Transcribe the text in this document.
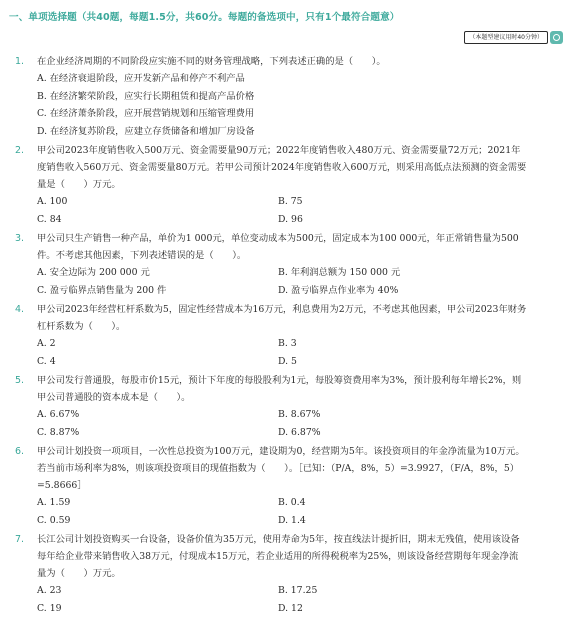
一、单项选择题（共40题，每题1.5分，共60分。每题的备选项中，只有1个最符合题意）
（本题型建议用时40分钟）
1. 在企业经济周期的不同阶段应实施不同的财务管理战略，下列表述正确的是（　　）。
A. 在经济衰退阶段，应开发新产品和停产不利产品
B. 在经济繁荣阶段，应实行长期租赁和提高产品价格
C. 在经济萧条阶段，应开展营销规划和压缩管理费用
D. 在经济复苏阶段，应建立存货储备和增加厂房设备
2. 甲公司2023年度销售收入500万元、资金需要量90万元；2022年度销售收入480万元、资金需要量72万元；2021年度销售收入560万元、资金需要量80万元。若甲公司预计2024年度销售收入600万元，则采用高低点法预测的资金需要量是（　　）万元。
A. 100	B. 75
C. 84	D. 96
3. 甲公司只生产销售一种产品，单价为1 000元，单位变动成本为500元，固定成本为100 000元，年正常销售量为500件。不考虑其他因素，下列表述错误的是（　　）。
A. 安全边际为 200 000 元	B. 年利润总额为 150 000 元
C. 盈亏临界点销售量为 200 件	D. 盈亏临界点作业率为 40%
4. 甲公司2023年经营杠杆系数为5，固定性经营成本为16万元，利息费用为2万元，不考虑其他因素，甲公司2023年财务杠杆系数为（　　）。
A. 2	B. 3
C. 4	D. 5
5. 甲公司发行普通股，每股市价15元，预计下年度的每股股利为1元，每股筹资费用率为3%，预计股利每年增长2%，则甲公司普通股的资本成本是（　　）。
A. 6.67%	B. 8.67%
C. 8.87%	D. 6.87%
6. 甲公司计划投资一项项目，一次性总投资为100万元，建设期为0，经营期为5年。该投资项目的年金净流量为10万元。若当前市场利率为8%，则该项投资项目的现值指数为（　　）。［已知：（P/A，8%，5）=3.9927，（F/A，8%，5）=5.8666］
A. 1.59	B. 0.4
C. 0.59	D. 1.4
7. 长江公司计划投资购买一台设备，设备价值为35万元，使用寿命为5年，按直线法计提折旧，期末无残值，使用该设备每年给企业带来销售收入38万元，付现成本15万元，若企业适用的所得税税率为25%，则该设备经营期每年现金净流量为（　　）万元。
A. 23	B. 17.25
C. 19	D. 12
